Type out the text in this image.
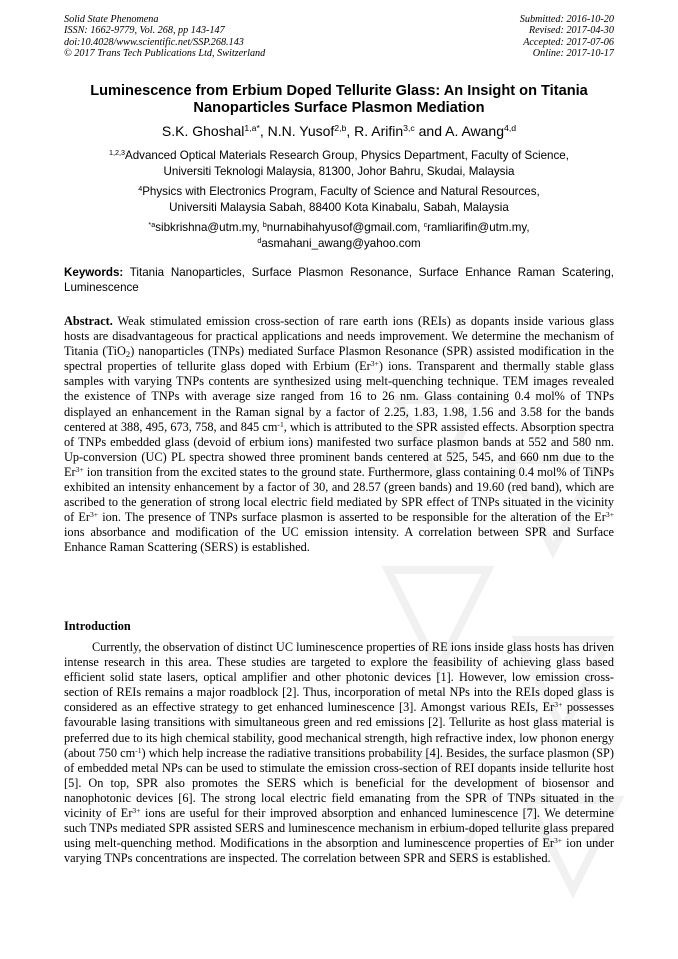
Solid State Phenomena
ISSN: 1662-9779, Vol. 268, pp 143-147
doi:10.4028/www.scientific.net/SSP.268.143
© 2017 Trans Tech Publications Ltd, Switzerland
Submitted: 2016-10-20
Revised: 2017-04-30
Accepted: 2017-07-06
Online: 2017-10-17
Luminescence from Erbium Doped Tellurite Glass: An Insight on Titania
Nanoparticles Surface Plasmon Mediation
S.K. Ghoshal$^{1,a*}$, N.N. Yusof$^{2,b}$, R. Arifin$^{3,c}$ and A. Awang$^{4,d}$
$^{1,2,3}$Advanced Optical Materials Research Group, Physics Department, Faculty of Science,
Universiti Teknologi Malaysia, 81300, Johor Bahru, Skudai, Malaysia
$^4$Physics with Electronics Program, Faculty of Science and Natural Resources,
Universiti Malaysia Sabah, 88400 Kota Kinabalu, Sabah, Malaysia
$^{*a}$sibkrishna@utm.my, $^b$nurnabihahyusof@gmail.com, $^c$ramliarifin@utm.my,
$^d$asmahani_awang@yahoo.com
Keywords: Titania Nanoparticles, Surface Plasmon Resonance, Surface Enhance Raman Scatering, Luminescence
Abstract. Weak stimulated emission cross-section of rare earth ions (REIs) as dopants inside various glass hosts are disadvantageous for practical applications and needs improvement. We determine the mechanism of Titania (TiO$_2$) nanoparticles (TNPs) mediated Surface Plasmon Resonance (SPR) assisted modification in the spectral properties of tellurite glass doped with Erbium $(Er^{3+})$ ions. Transparent and thermally stable glass samples with varying TNPs contents are synthesized using melt-quenching technique. TEM images revealed the existence of TNPs with average size ranged from 16 to 26 nm. Glass containing 0.4 mol% of TNPs displayed an enhancement in the Raman signal by a factor of 2.25, 1.83, 1.98, 1.56 and 3.58 for the bands centered at 388, 495, 673, 758, and 845 $cm^{-1}$, which is attributed to the SPR assisted effects. Absorption spectra of TNPs embedded glass (devoid of erbium ions) manifested two surface plasmon bands at 552 and 580 nm. Up-conversion (UC) PL spectra showed three prominent bands centered at 525, 545, and 660 nm due to the $Er^{3+}$ ion transition from the excited states to the ground state. Furthermore, glass containing 0.4 mol% of TiNPs exhibited an intensity enhancement by a factor of 30, and 28.57 (green bands) and 19.60 (red band), which are ascribed to the generation of strong local electric field mediated by SPR effect of TNPs situated in the vicinity of $Er^{3+}$ ion. The presence of TNPs surface plasmon is asserted to be responsible for the alteration of the $Er^{3+}$ ions absorbance and modification of the UC emission intensity. A correlation between SPR and Surface Enhance Raman Scattering (SERS) is established.
Introduction
Currently, the observation of distinct UC luminescence properties of RE ions inside glass hosts has driven intense research in this area. These studies are targeted to explore the feasibility of achieving glass based efficient solid state lasers, optical amplifier and other photonic devices [1]. However, low emission cross-section of REIs remains a major roadblock [2]. Thus, incorporation of metal NPs into the REIs doped glass is considered as an effective strategy to get enhanced luminescence [3]. Amongst various REIs, $Er^{3+}$ possesses favourable lasing transitions with simultaneous green and red emissions [2]. Tellurite as host glass material is preferred due to its high chemical stability, good mechanical strength, high refractive index, low phonon energy (about 750 $cm^{-1}$) which help increase the radiative transitions probability [4]. Besides, the surface plasmon (SP) of embedded metal NPs can be used to stimulate the emission cross-section of REI dopants inside tellurite host [5]. On top, SPR also promotes the SERS which is beneficial for the development of biosensor and nanophotonic devices [6]. The strong local electric field emanating from the SPR of TNPs situated in the vicinity of $Er^{3+}$ ions are useful for their improved absorption and enhanced luminescence [7]. We determine such TNPs mediated SPR assisted SERS and luminescence mechanism in erbium-doped tellurite glass prepared using melt-quenching method. Modifications in the absorption and luminescence properties of $Er^{3+}$ ion under varying TNPs concentrations are inspected. The correlation between SPR and SERS is established.
